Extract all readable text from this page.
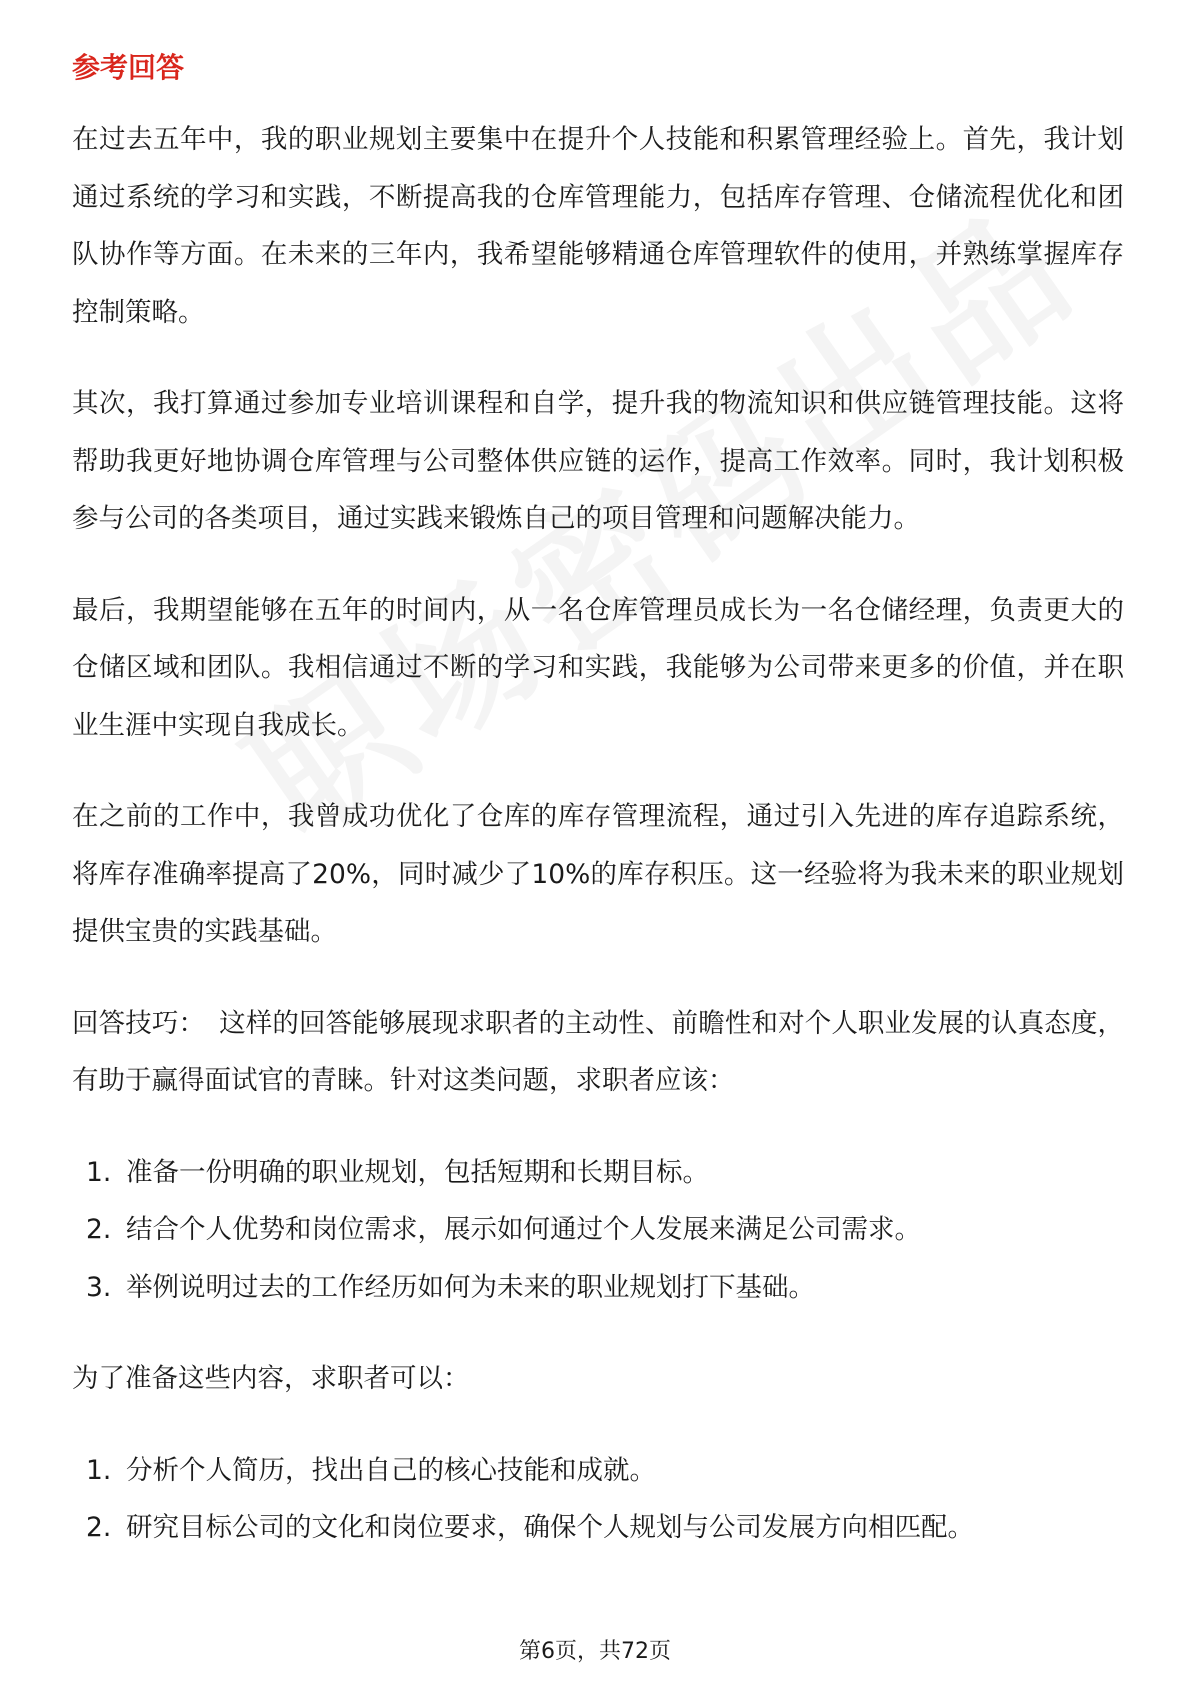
参考回答

在过去五年中，我的职业规划主要集中在提升个人技能和积累管理经验上。首先，我计划通过系统的学习和实践，不断提高我的仓库管理能力，包括库存管理、仓储流程优化和团队协作等方面。在未来的三年内，我希望能够精通仓库管理软件的使用，并熟练掌握库存控制策略。

其次，我打算通过参加专业培训课程和自学，提升我的物流知识和供应链管理技能。这将帮助我更好地协调仓库管理与公司整体供应链的运作，提高工作效率。同时，我计划积极参与公司的各类项目，通过实践来锻炼自己的项目管理和问题解决能力。

最后，我期望能够在五年的时间内，从一名仓库管理员成长为一名仓储经理，负责更大的仓储区域和团队。我相信通过不断的学习和实践，我能够为公司带来更多的价值，并在职业生涯中实现自我成长。

在之前的工作中，我曾成功优化了仓库的库存管理流程，通过引入先进的库存追踪系统，将库存准确率提高了20%，同时减少了10%的库存积压。这一经验将为我未来的职业规划提供宝贵的实践基础。

回答技巧： 这样的回答能够展现求职者的主动性、前瞻性和对个人职业发展的认真态度，有助于赢得面试官的青睐。针对这类问题，求职者应该：

1. 准备一份明确的职业规划，包括短期和长期目标。
2. 结合个人优势和岗位需求，展示如何通过个人发展来满足公司需求。
3. 举例说明过去的工作经历如何为未来的职业规划打下基础。

为了准备这些内容，求职者可以：

1. 分析个人简历，找出自己的核心技能和成就。
2. 研究目标公司的文化和岗位要求，确保个人规划与公司发展方向相匹配。
第6页，共72页
